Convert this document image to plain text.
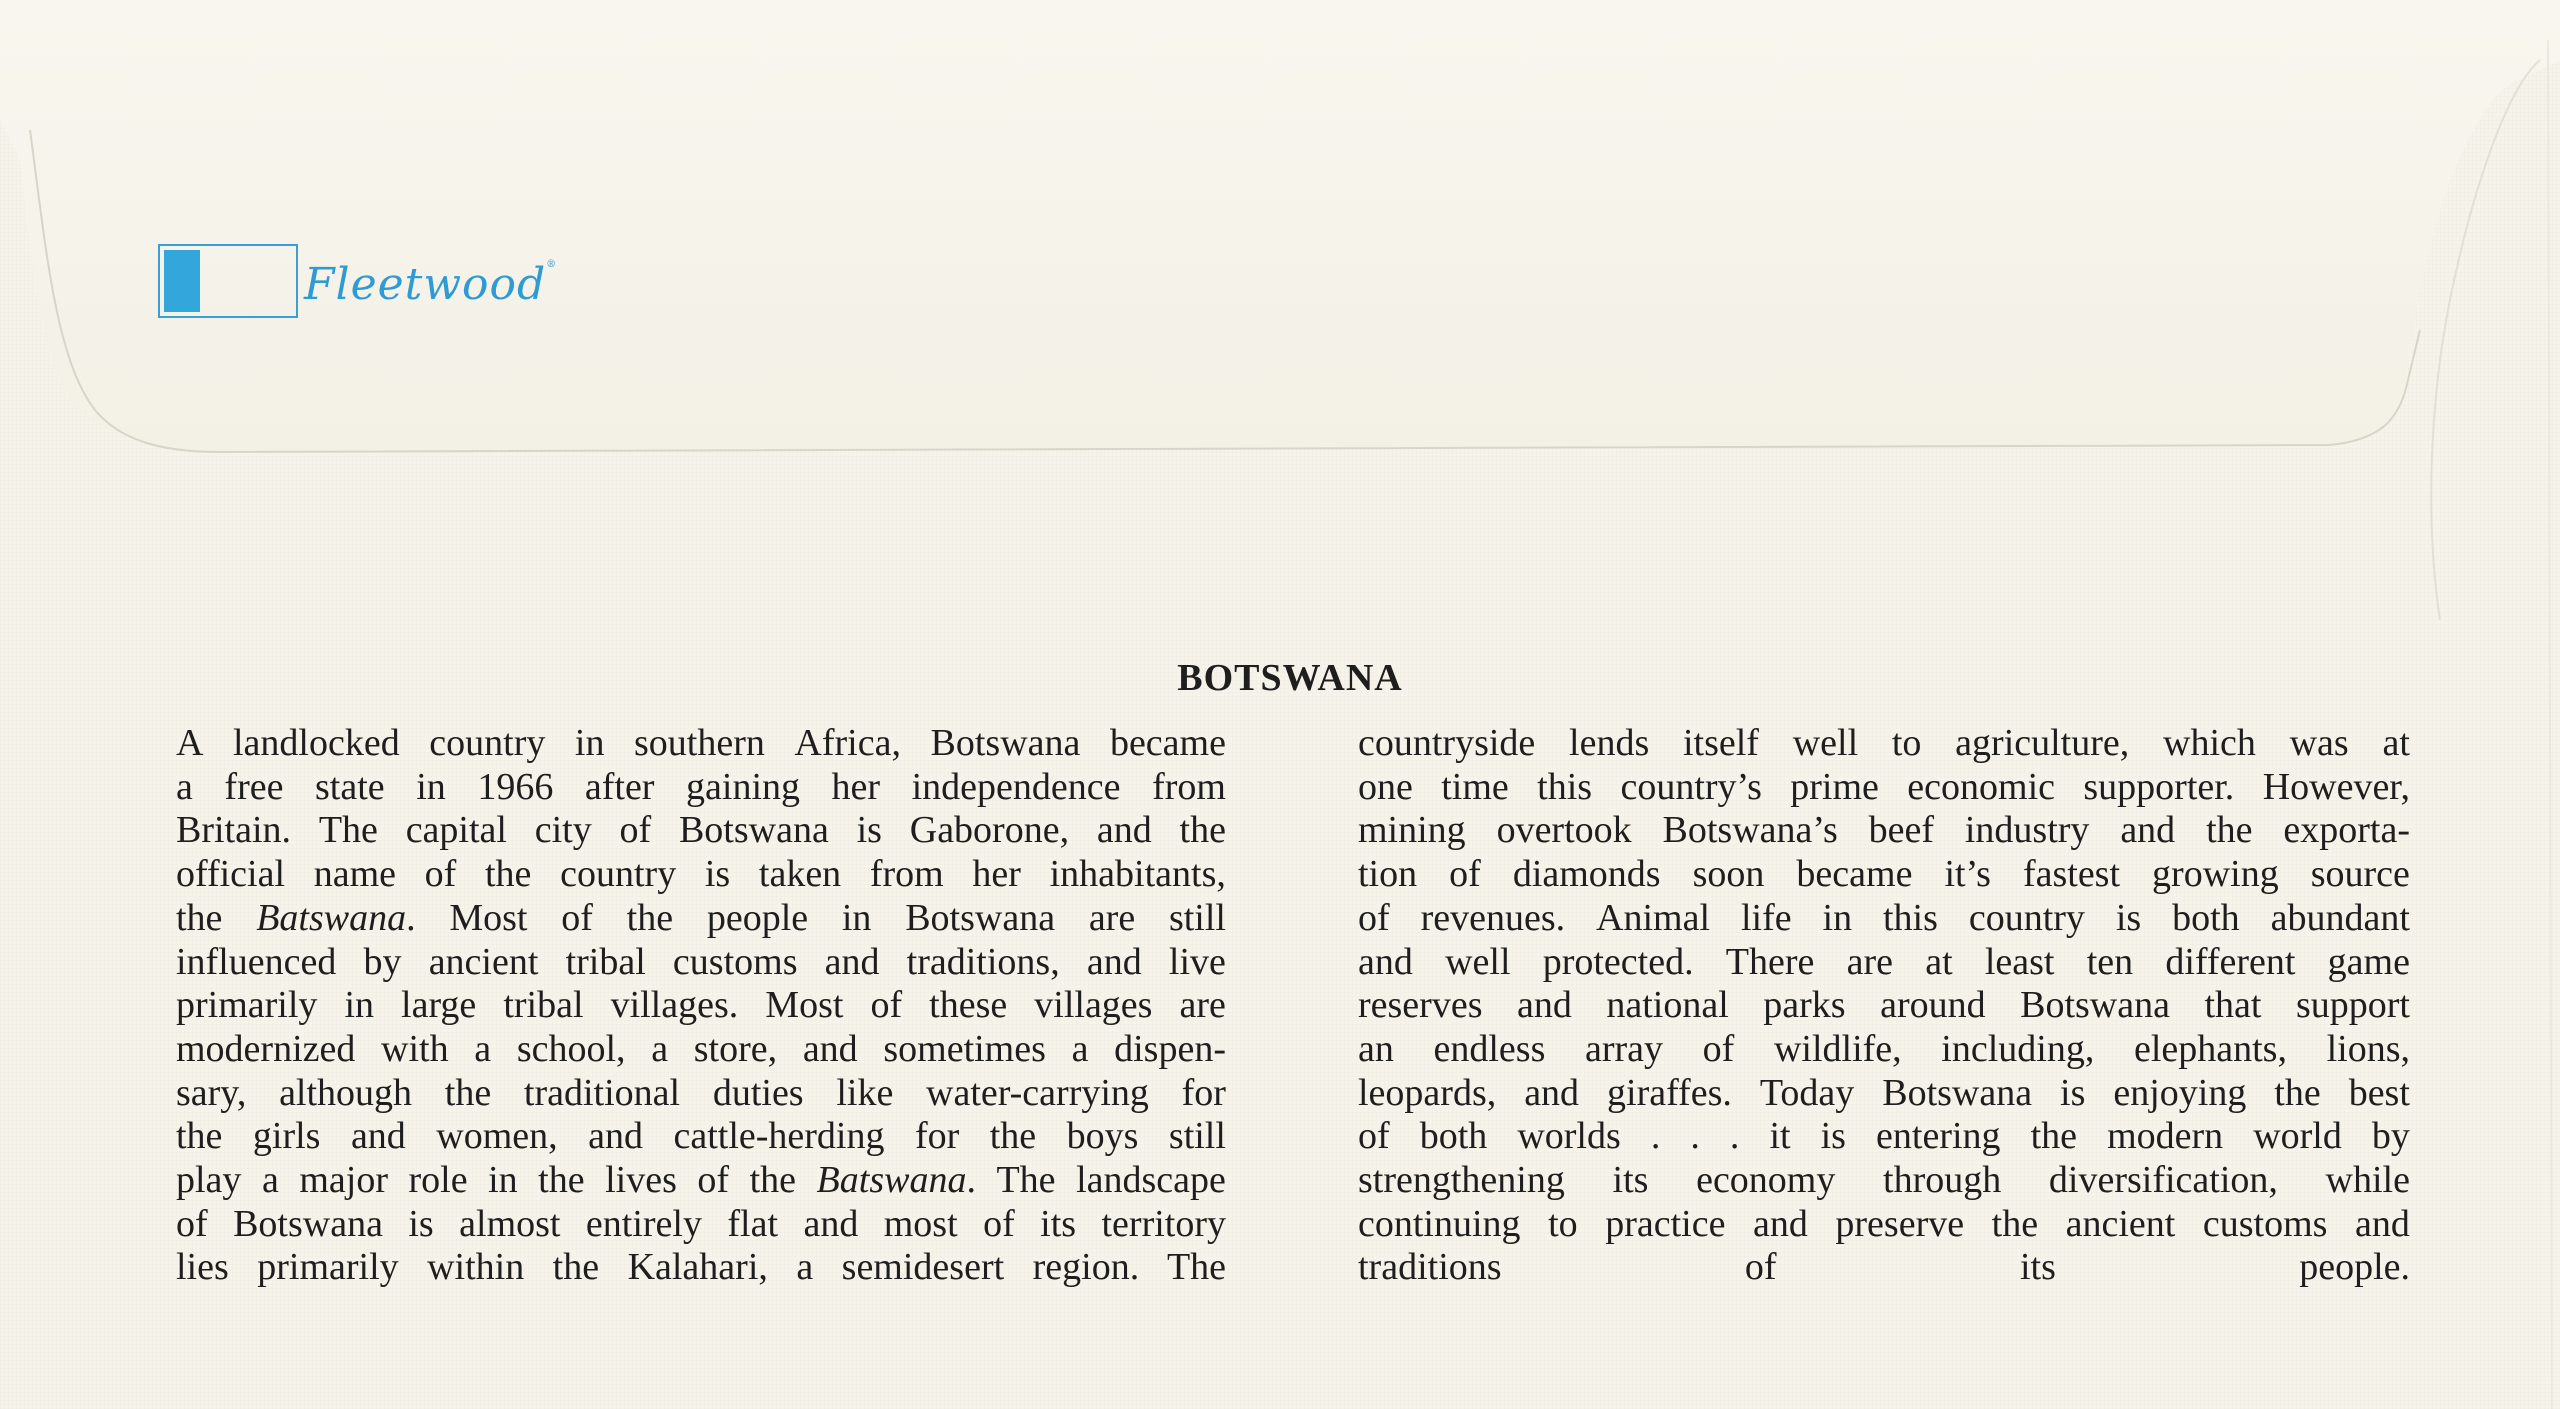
Fleetwood®
BOTSWANA
A landlocked country in southern Africa, Botswana became
a free state in 1966 after gaining her independence from
Britain. The capital city of Botswana is Gaborone, and the
official name of the country is taken from her inhabitants,
the Batswana. Most of the people in Botswana are still
influenced by ancient tribal customs and traditions, and live
primarily in large tribal villages. Most of these villages are
modernized with a school, a store, and sometimes a dispen-
sary, although the traditional duties like water-carrying for
the girls and women, and cattle-herding for the boys still
play a major role in the lives of the Batswana. The landscape
of Botswana is almost entirely flat and most of its territory
lies primarily within the Kalahari, a semidesert region. The
countryside lends itself well to agriculture, which was at
one time this country’s prime economic supporter. However,
mining overtook Botswana’s beef industry and the exporta-
tion of diamonds soon became it’s fastest growing source
of revenues. Animal life in this country is both abundant
and well protected. There are at least ten different game
reserves and national parks around Botswana that support
an endless array of wildlife, including, elephants, lions,
leopards, and giraffes. Today Botswana is enjoying the best
of both worlds . . . it is entering the modern world by
strengthening its economy through diversification, while
continuing to practice and preserve the ancient customs and
traditions	of	its	people.
